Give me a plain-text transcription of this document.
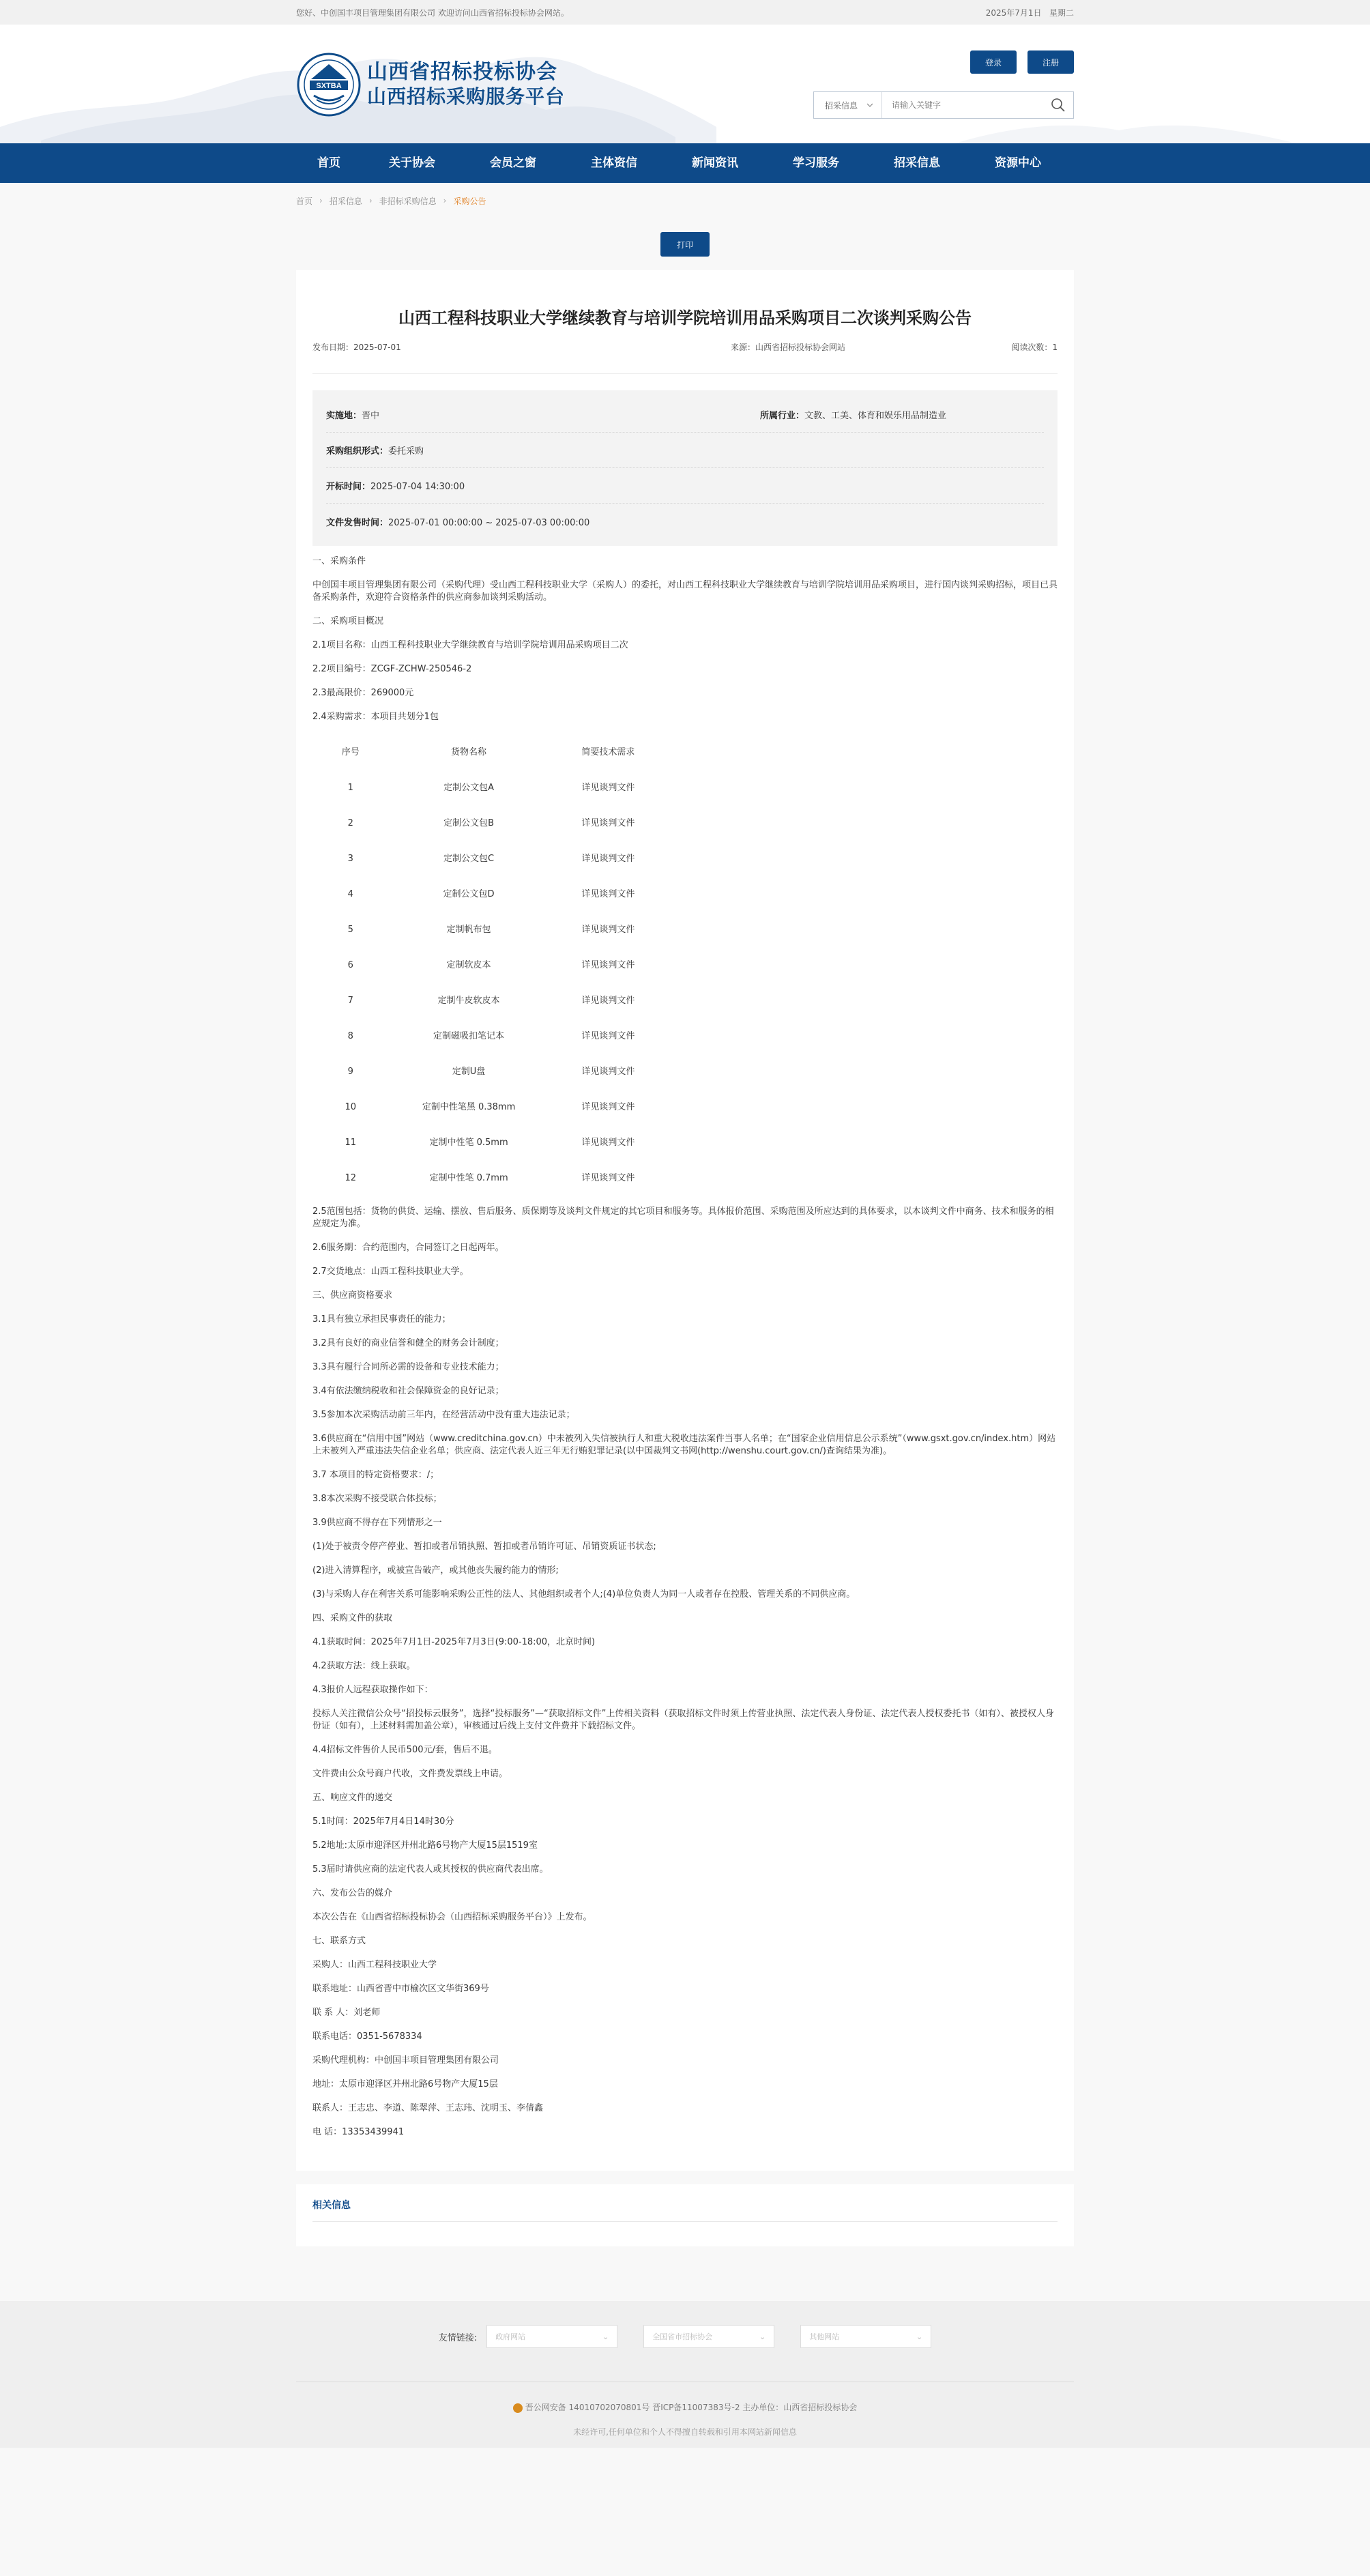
您好、中创国丰项目管理集团有限公司 欢迎访问山西省招标投标协会网站。	2025年7月1日 星期二
SXTBA
山西省招标投标协会
山西招标采购服务平台
登录	注册
招采信息
请输入关键字
首页	关于协会	会员之窗	主体资信	新闻资讯	学习服务	招采信息	资源中心
首页 › 招采信息 › 非招标采购信息 › 采购公告
打印
山西工程科技职业大学继续教育与培训学院培训用品采购项目二次谈判采购公告
发布日期：2025-07-01	来源：山西省招标投标协会网站	阅读次数：1
实施地：晋中	所属行业：文教、工美、体育和娱乐用品制造业
采购组织形式：委托采购
开标时间：2025-07-04 14:30:00
文件发售时间：2025-07-01 00:00:00 ~ 2025-07-03 00:00:00

一、采购条件

中创国丰项目管理集团有限公司（采购代理）受山西工程科技职业大学（采购人）的委托，对山西工程科技职业大学继续教育与培训学院培训用品采购项目，进行国内谈判采购招标，项目已具备采购条件，欢迎符合资格条件的供应商参加谈判采购活动。

二、采购项目概况

2.1项目名称：山西工程科技职业大学继续教育与培训学院培训用品采购项目二次

2.2项目编号：ZCGF-ZCHW-250546-2

2.3最高限价：269000元

2.4采购需求：本项目共划分1包

序号	货物名称	简要技术需求
1	定制公文包A	详见谈判文件
2	定制公文包B	详见谈判文件
3	定制公文包C	详见谈判文件
4	定制公文包D	详见谈判文件
5	定制帆布包	详见谈判文件
6	定制软皮本	详见谈判文件
7	定制牛皮软皮本	详见谈判文件
8	定制磁吸扣笔记本	详见谈判文件
9	定制U盘	详见谈判文件
10	定制中性笔黑 0.38mm	详见谈判文件
11	定制中性笔 0.5mm	详见谈判文件
12	定制中性笔 0.7mm	详见谈判文件

2.5范围包括：货物的供货、运输、摆放、售后服务、质保期等及谈判文件规定的其它项目和服务等。具体报价范围、采购范围及所应达到的具体要求，以本谈判文件中商务、技术和服务的相应规定为准。

2.6服务期：合约范围内，合同签订之日起两年。

2.7交货地点：山西工程科技职业大学。

三、供应商资格要求

3.1具有独立承担民事责任的能力；

3.2具有良好的商业信誉和健全的财务会计制度；

3.3具有履行合同所必需的设备和专业技术能力；

3.4有依法缴纳税收和社会保障资金的良好记录；

3.5参加本次采购活动前三年内，在经营活动中没有重大违法记录；

3.6供应商在“信用中国”网站（www.creditchina.gov.cn）中未被列入失信被执行人和重大税收违法案件当事人名单；在“国家企业信用信息公示系统”（www.gsxt.gov.cn/index.htm）网站上未被列入严重违法失信企业名单；供应商、法定代表人近三年无行贿犯罪记录(以中国裁判文书网(http://wenshu.court.gov.cn/)查询结果为准)。

3.7 本项目的特定资格要求：/；

3.8本次采购不接受联合体投标；

3.9供应商不得存在下列情形之一

(1)处于被责令停产停业、暂扣或者吊销执照、暂扣或者吊销许可证、吊销资质证书状态;

(2)进入清算程序，或被宣告破产，或其他丧失履约能力的情形;

(3)与采购人存在利害关系可能影响采购公正性的法人、其他组织或者个人;(4)单位负责人为同一人或者存在控股、管理关系的不同供应商。

四、采购文件的获取

4.1获取时间：2025年7月1日-2025年7月3日(9:00-18:00，北京时间)

4.2获取方法：线上获取。

4.3报价人远程获取操作如下：

投标人关注微信公众号“招投标云服务”，选择“投标服务”—“获取招标文件”上传相关资料（获取招标文件时须上传营业执照、法定代表人身份证、法定代表人授权委托书（如有）、被授权人身份证（如有），上述材料需加盖公章），审核通过后线上支付文件费并下载招标文件。

4.4招标文件售价人民币500元/套，售后不退。

文件费由公众号商户代收，文件费发票线上申请。

五、响应文件的递交

5.1时间：2025年7月4日14时30分

5.2地址:太原市迎泽区并州北路6号物产大厦15层1519室

5.3届时请供应商的法定代表人或其授权的供应商代表出席。

六、发布公告的媒介

本次公告在《山西省招标投标协会（山西招标采购服务平台）》上发布。

七、联系方式

采购人：山西工程科技职业大学

联系地址：山西省晋中市榆次区文华街369号

联 系 人：刘老师

联系电话：0351-5678334

采购代理机构：中创国丰项目管理集团有限公司

地址：太原市迎泽区并州北路6号物产大厦15层

联系人：王志忠、李道、陈翠萍、王志玮、沈明玉、李倩鑫

电 话：13353439941

相关信息
友情链接: 政府网站	⌄	全国省市招标协会	⌄	其他网站	⌄
晋公网安备 14010702070801号 晋ICP备11007383号-2 主办单位：山西省招标投标协会
未经许可,任何单位和个人不得擅自转载和引用本网站新闻信息
